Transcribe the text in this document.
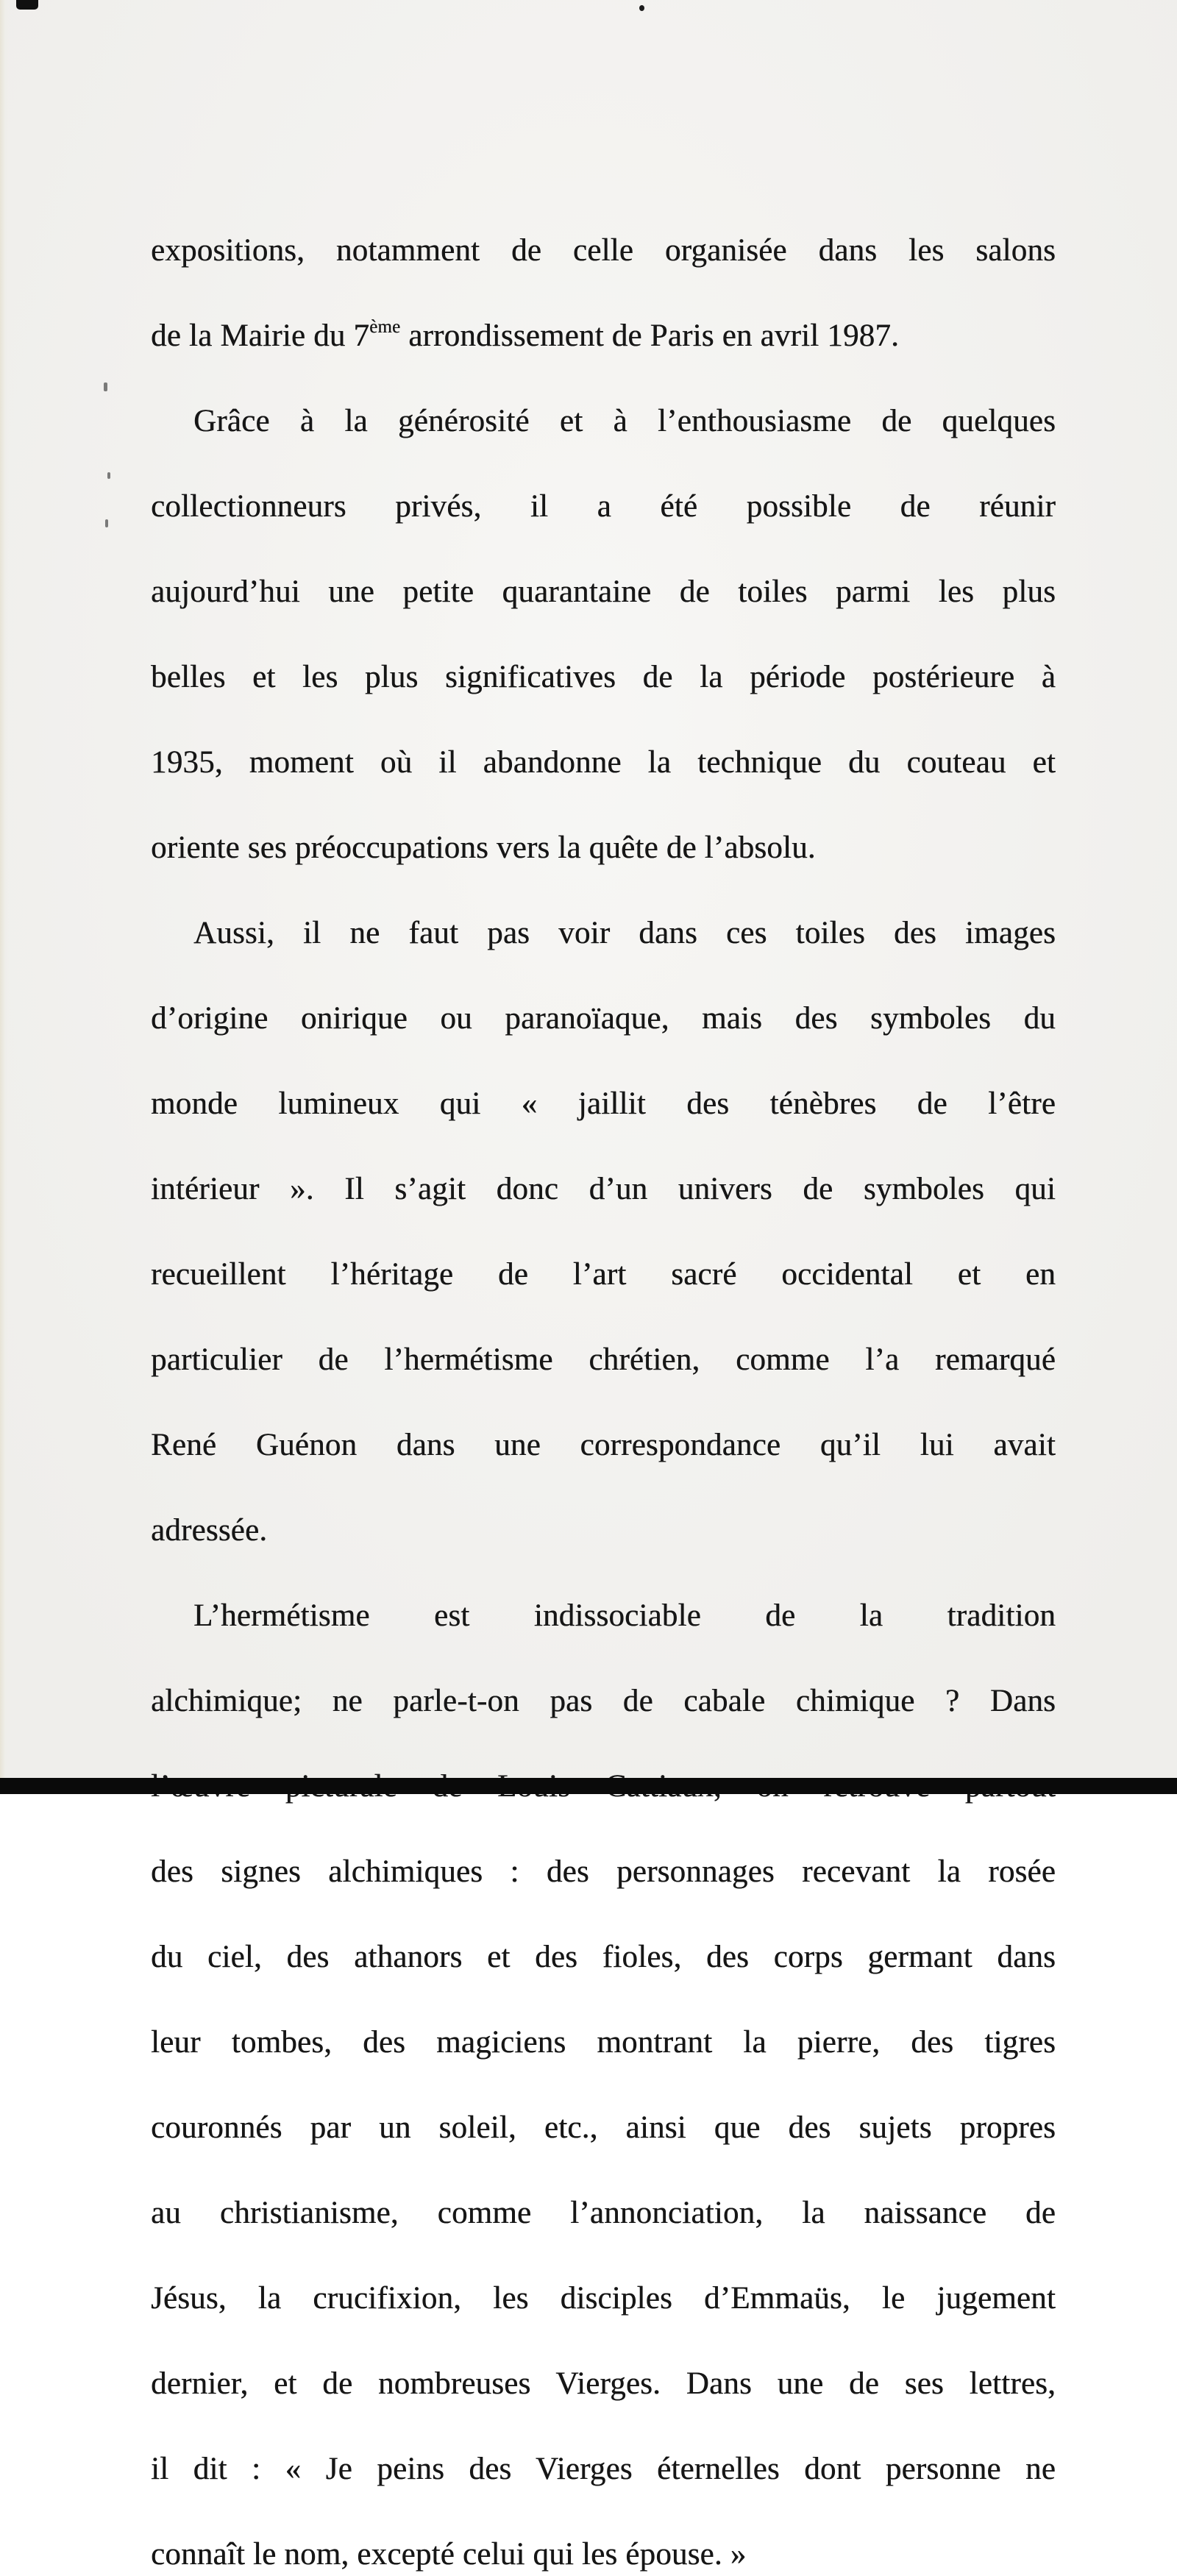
expositions, notamment de celle organisée dans les salons
de la Mairie du 7ème arrondissement de Paris en avril 1987.
Grâce à la générosité et à l’enthousiasme de quelques
collectionneurs privés, il a été possible de réunir
aujourd’hui une petite quarantaine de toiles parmi les plus
belles et les plus significatives de la période postérieure à
1935, moment où il abandonne la technique du couteau et
oriente ses préoccupations vers la quête de l’absolu.
Aussi, il ne faut pas voir dans ces toiles des images
d’origine onirique ou paranoïaque, mais des symboles du
monde lumineux qui « jaillit des ténèbres de l’être
intérieur ». Il s’agit donc d’un univers de symboles qui
recueillent l’héritage de l’art sacré occidental et en
particulier de l’hermétisme chrétien, comme l’a remarqué
René Guénon dans une correspondance qu’il lui avait
adressée.
L’hermétisme est indissociable de la tradition
alchimique; ne parle-t-on pas de cabale chimique ? Dans
des signes alchimiques : des personnages recevant la rosée
du ciel, des athanors et des fioles, des corps germant dans
leur tombes, des magiciens montrant la pierre, des tigres
couronnés par un soleil, etc., ainsi que des sujets propres
au christianisme, comme l’annonciation, la naissance de
Jésus, la crucifixion, les disciples d’Emmaüs, le jugement
dernier, et de nombreuses Vierges. Dans une de ses lettres,
il dit : « Je peins des Vierges éternelles dont personne ne
connaît le nom, excepté celui qui les épouse. »
